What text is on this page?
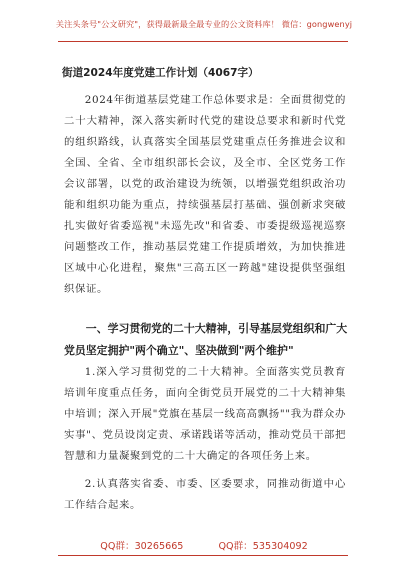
关注头条号"公文研究"，获得最新最全最专业的公文资料库！ 微信：gongwenyj
街道2024年度党建工作计划（4067字）

2024年街道基层党建工作总体要求是：全面贯彻党的二十大精神，深入落实新时代党的建设总要求和新时代党的组织路线，认真落实全国基层党建重点任务推进会议和全国、全省、全市组织部长会议，及全市、全区党务工作会议部署，以党的政治建设为统领，以增强党组织政治功能和组织功能为重点，持续强基层打基础、强创新求突破扎实做好省委巡视"未巡先改"和省委、市委提级巡视巡察问题整改工作，推动基层党建工作提质增效，为加快推进区域中心化进程，聚焦"三高五区一跨越"建设提供坚强组织保证。

一、学习贯彻党的二十大精神，引导基层党组织和广大党员坚定拥护"两个确立"、坚决做到"两个维护"

1.深入学习贯彻党的二十大精神。全面落实党员教育培训年度重点任务，面向全街党员开展党的二十大精神集中培训；深入开展"党旗在基层一线高高飘扬""我为群众办实事"、党员设岗定责、承诺践诺等活动，推动党员干部把智慧和力量凝聚到党的二十大确定的各项任务上来。

2.认真落实省委、市委、区委要求，同推动街道中心工作结合起来。

QQ群：30265665	QQ群：535304092
